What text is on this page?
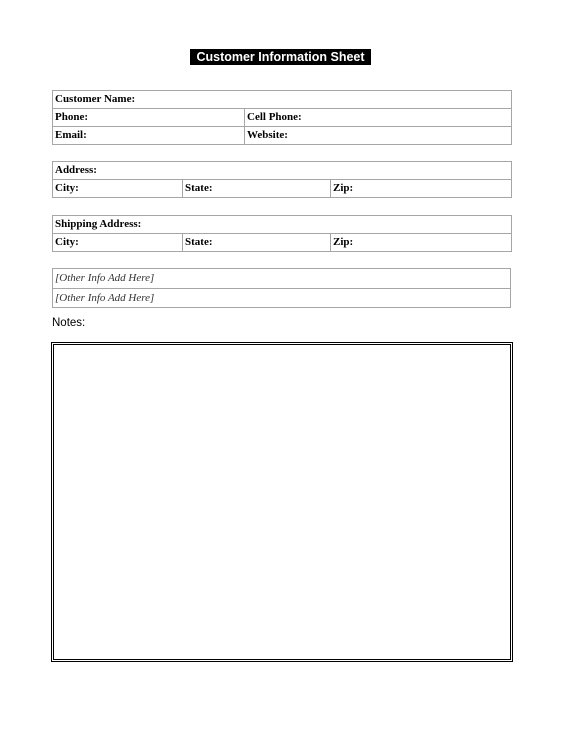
Customer Information Sheet
Customer Name:	
Phone:	Cell Phone:
Email:	Website:
Address:
City:	State:	Zip:
Shipping Address:
City:	State:	Zip:
[Other Info Add Here]
[Other Info Add Here]
Notes:
